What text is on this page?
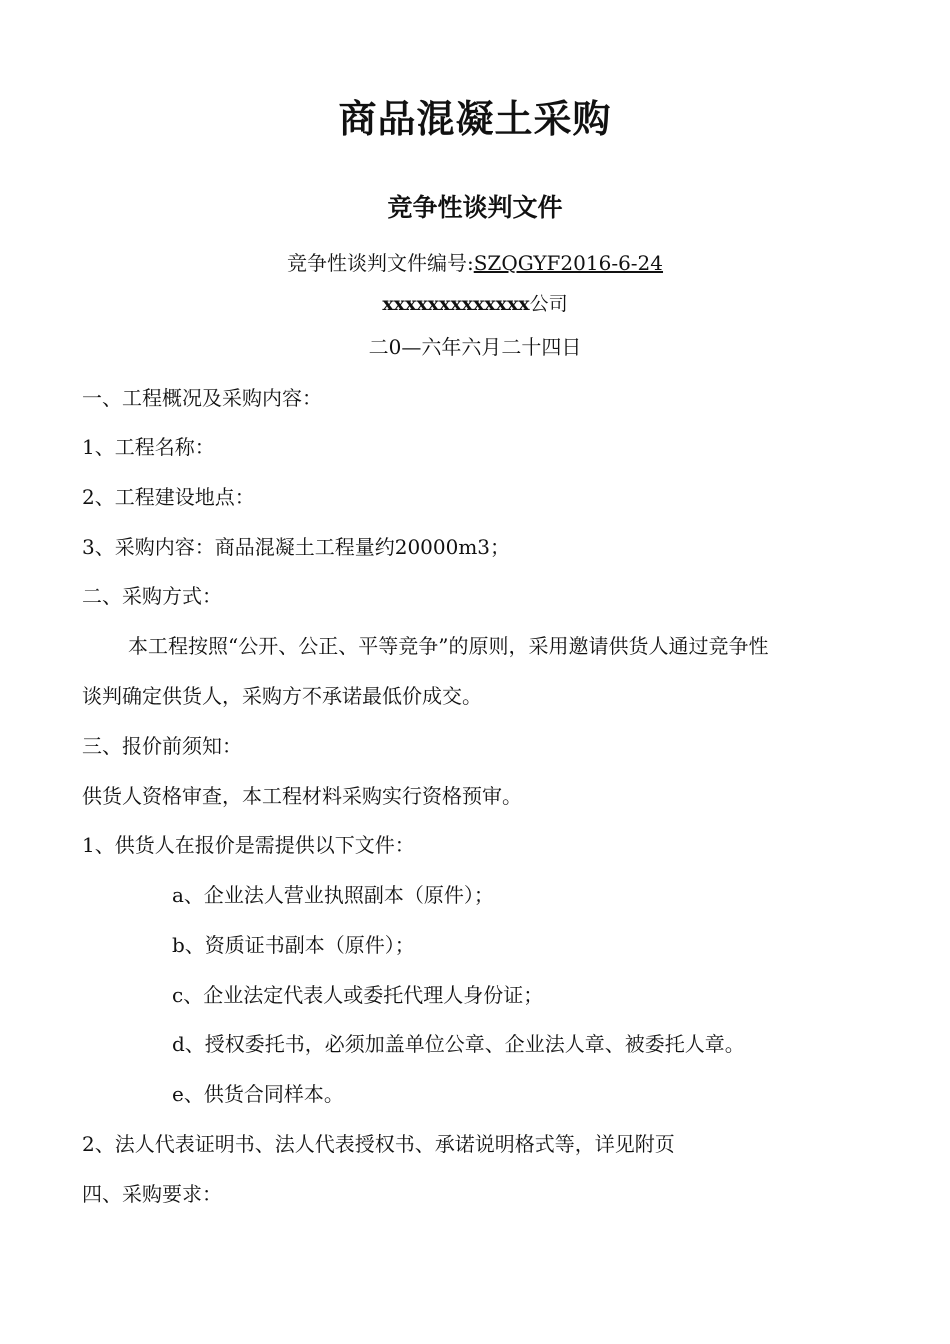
商品混凝土采购
竞争性谈判文件

竞争性谈判文件编号:SZQGYF2016-6-24

xxxxxxxxxxxxx公司

二0—六年六月二十四日

一、工程概况及采购内容：

1、工程名称：

2、工程建设地点：

3、采购内容：商品混凝土工程量约20000m3；

二、采购方式：

本工程按照“公开、公正、平等竞争”的原则，采用邀请供货人通过竞争性

谈判确定供货人，采购方不承诺最低价成交。

三、报价前须知：

供货人资格审查，本工程材料采购实行资格预审。

1、供货人在报价是需提供以下文件：

a、企业法人营业执照副本（原件）；

b、资质证书副本（原件）；

c、企业法定代表人或委托代理人身份证；

d、授权委托书，必须加盖单位公章、企业法人章、被委托人章。

e、供货合同样本。

2、法人代表证明书、法人代表授权书、承诺说明格式等，详见附页

四、采购要求：
